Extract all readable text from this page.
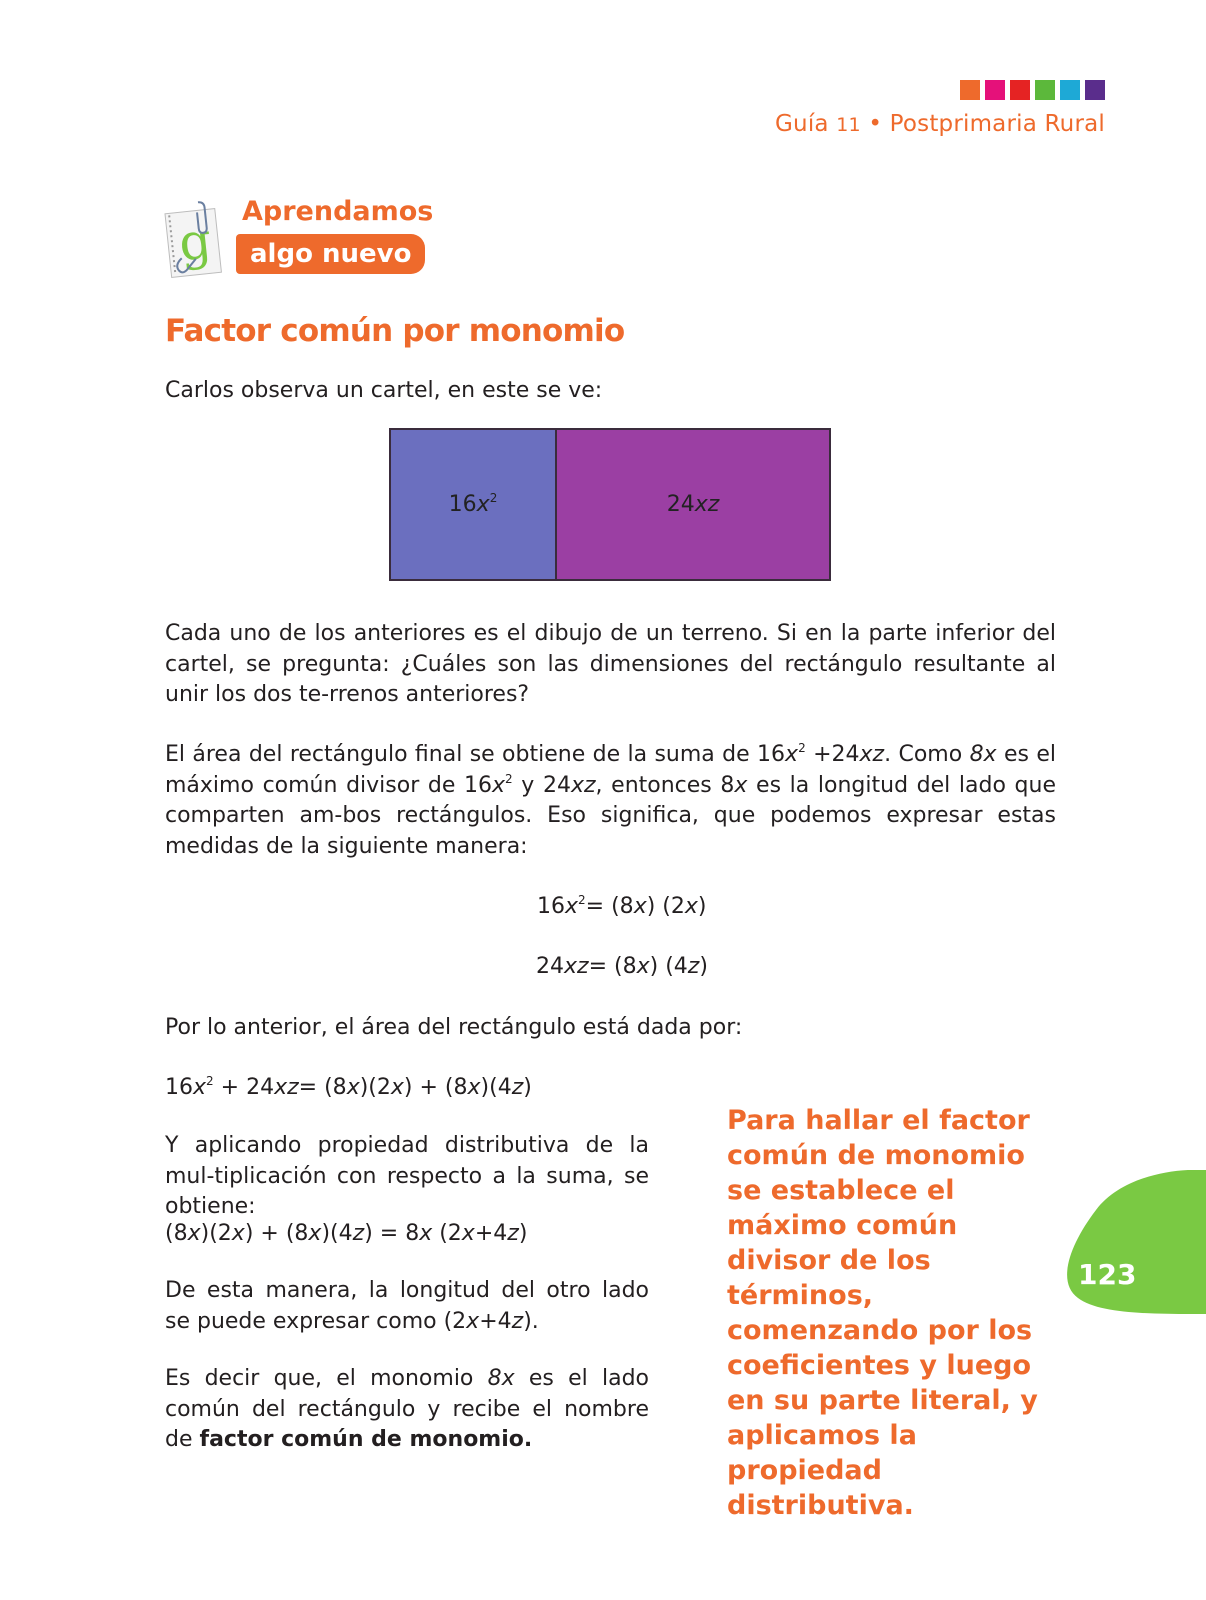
Guía 11 • Postprimaria Rural
g Aprendamos
algo nuevo
Factor común por monomio
Carlos observa un cartel, en este se ve:
$16x^2$	24xz
Cada uno de los anteriores es el dibujo de un terreno. Si en la parte inferior del cartel, se pregunta: ¿Cuáles son las dimensiones del rectángulo resultante al unir los dos te-rrenos anteriores?
El área del rectángulo final se obtiene de la suma de $16x^2 +24xz$. Como 8x es el máximo común divisor de $16x^2$ y 24xz, entonces 8x es la longitud del lado que comparten am-bos rectángulos. Eso significa, que podemos expresar estas medidas de la siguiente manera:
$16x^2= (8x)$ (2x)
24xz= (8x) (4z)
Por lo anterior, el área del rectángulo está dada por:
$16x^2 + 24xz= (8x)(2x) + (8x)(4z)$
Y aplicando propiedad distributiva de la mul-tiplicación con respecto a la suma, se obtiene:
(8x)(2x) + (8x)(4z) = 8x (2x+4z)
De esta manera, la longitud del otro lado se puede expresar como (2x+4z).
Es decir que, el monomio 8x es el lado común del rectángulo y recibe el nombre de factor común de monomio.
Para hallar el factor común de monomio se establece el máximo común divisor de los términos, comenzando por los coeficientes y luego en su parte literal, y aplicamos la propiedad distributiva.
123
